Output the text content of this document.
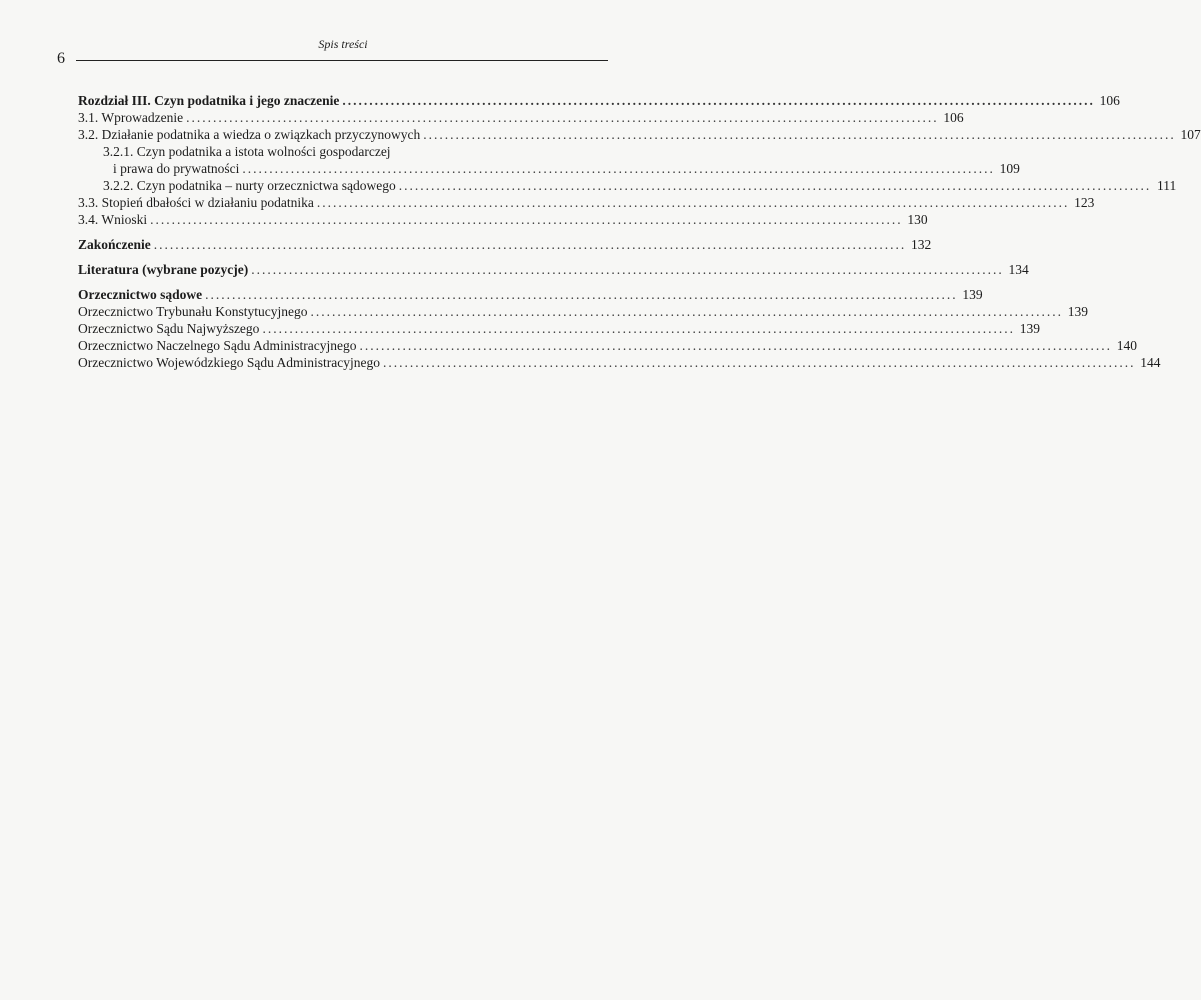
6
Spis treści
Rozdział III. Czyn podatnika i jego znaczenie ............................................................................................................................................ 106
3.1. Wprowadzenie ............................................................................................................................................ 106
3.2. Działanie podatnika a wiedza o związkach przyczynowych ............................................................................................................................................ 107
3.2.1. Czyn podatnika a istota wolności gospodarczej
i prawa do prywatności ............................................................................................................................................ 109
3.2.2. Czyn podatnika – nurty orzecznictwa sądowego ............................................................................................................................................ 111
3.3. Stopień dbałości w działaniu podatnika ............................................................................................................................................ 123
3.4. Wnioski ............................................................................................................................................ 130
Zakończenie ............................................................................................................................................ 132
Literatura (wybrane pozycje) ............................................................................................................................................ 134
Orzecznictwo sądowe ............................................................................................................................................ 139
Orzecznictwo Trybunału Konstytucyjnego ............................................................................................................................................ 139
Orzecznictwo Sądu Najwyższego ............................................................................................................................................ 139
Orzecznictwo Naczelnego Sądu Administracyjnego ............................................................................................................................................ 140
Orzecznictwo Wojewódzkiego Sądu Administracyjnego ............................................................................................................................................ 144
